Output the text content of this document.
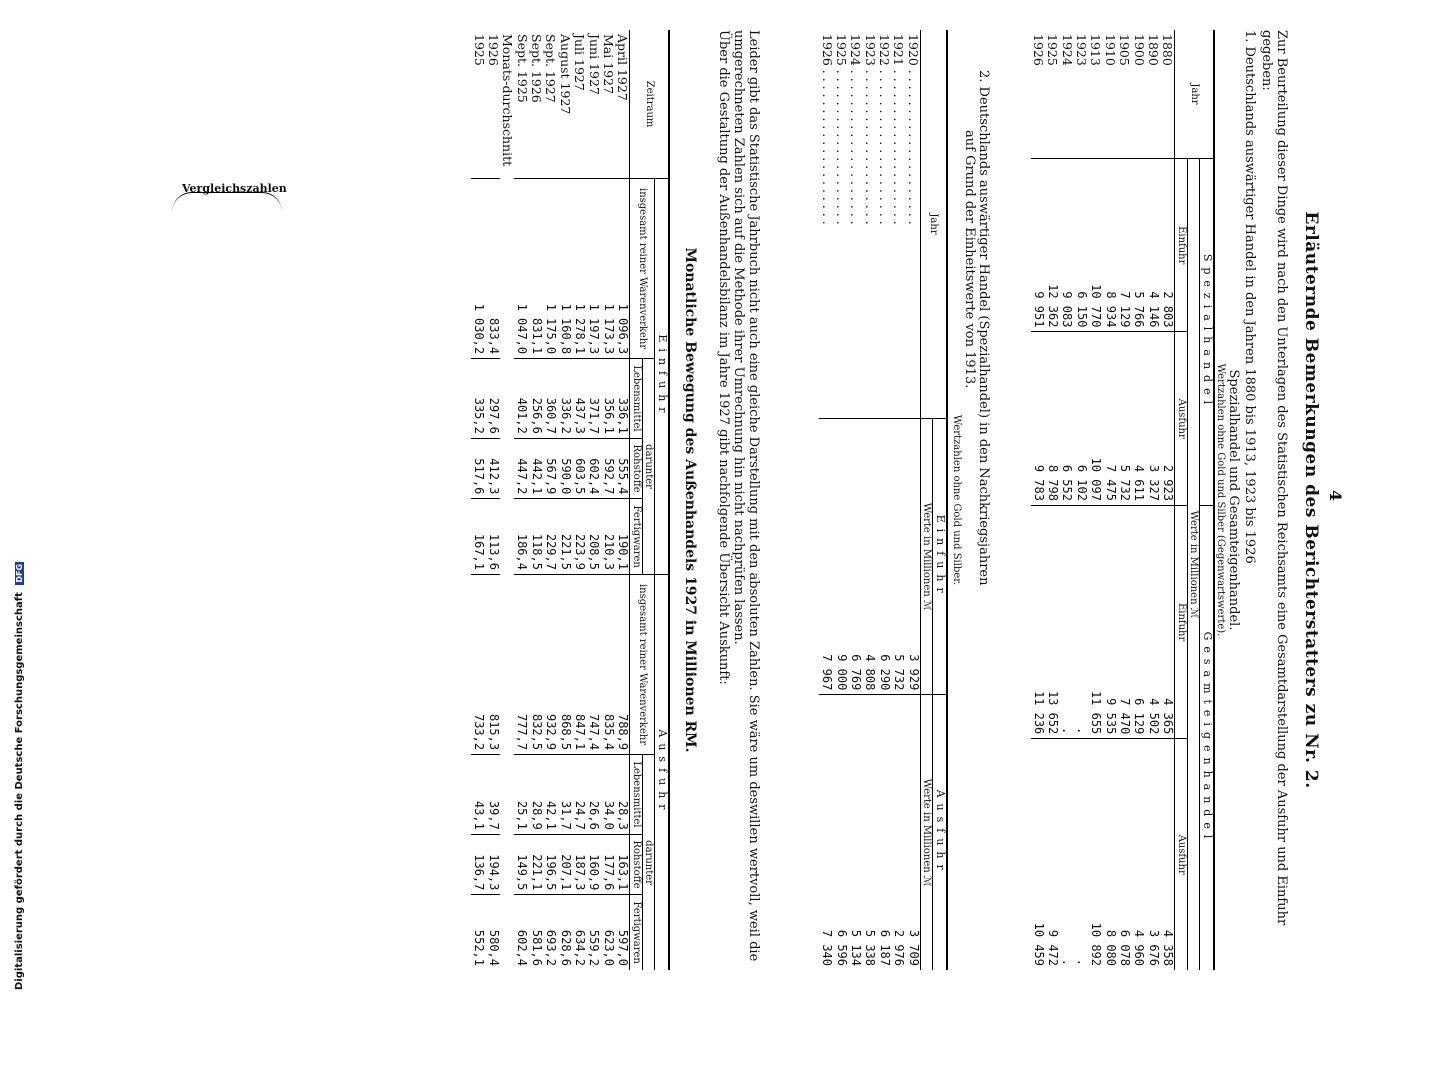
Vergleichszahlen
4
Erläuternde Bemerkungen des Berichterstatters zu Nr. 2.
Zur Beurteilung dieser Dinge wird nach den Unterlagen des Statistischen Reichsamts eine Gesamtdarstellung der Ausfuhr und Einfuhr gegeben:
1. Deutschlands auswärtiger Handel in den Jahren 1880 bis 1913, 1923 bis 1926
Spezialhandel und Gesamteigenhandel.
Wertzahlen ohne Gold und Silber (Gegenwartswerte).
Jahr	Spezialhandel		Gesamteigenhandel	
	Werte in Millionen ℳ			
	Einfuhr	Ausfuhr	Einfuhr	Ausfuhr
1880	2 803	2 923	4 365	4 358
1890	4 146	3 327	4 502	3 676
1900	5 766	4 611	6 129	4 960
1905	7 129	5 732	7 470	6 078
1910	8 934	7 475	9 535	8 080
1913	10 770	10 097	11 655	10 892
1923	6 150	6 102	.	.
1924	9 083	6 552	.	.
1925	12 362	8 798	13 652	9 472
1926	9 951	9 783	11 236	10 459
2. Deutschlands auswärtiger Handel (Spezialhandel) in den Nachkriegsjahren
auf Grund der Einheitswerte von 1913.
Wertzahlen ohne Gold und Silber.
Jahr	Einfuhr	Ausfuhr
	Werte in Millionen ℳ	Werte in Millionen ℳ
1920 . . . . . . . . . . . . . . . . . . . .	3 929	3 709
1921 . . . . . . . . . . . . . . . . . . . .	5 732	2 976
1922 . . . . . . . . . . . . . . . . . . . .	6 290	6 187
1923 . . . . . . . . . . . . . . . . . . . .	4 808	5 338
1924 . . . . . . . . . . . . . . . . . . . .	6 769	5 134
1925 . . . . . . . . . . . . . . . . . . . .	9 000	6 596
1926 . . . . . . . . . . . . . . . . . . . .	7 967	7 340
Leider gibt das Statistische Jahrbuch nicht auch eine gleiche Darstellung mit den absoluten Zahlen. Sie wäre um deswillen wertvoll, weil die umgerechneten Zahlen sich auf die Methode ihrer Umrechnung hin nicht nachprüfen lassen.
Über die Gestaltung der Außenhandelsbilanz im Jahre 1927 gibt nachfolgende Übersicht Auskunft:
Monatliche Bewegung des Außenhandels 1927 in Millionen RM.
Zeitraum	Einfuhr				Ausfuhr			
	insgesamt reiner Warenverkehr	darunter			insgesamt reiner Warenverkehr	darunter		
		Lebensmittel	Rohstoffe	Fertigwaren		Lebensmittel	Rohstoffe	Fertigwaren
April 1927	1 096,3	336,1	555,4	190,1	788,9	28,3	163,1	597,0
Mai 1927	1 173,3	356,1	592,7	210,3	835,4	34,0	177,6	623,0
Juni 1927	1 197,3	371,7	602,4	208,5	747,4	26,6	160,9	559,2
Juli 1927	1 278,1	437,3	603,5	223,9	847,1	24,7	187,3	634,2
August 1927	1 160,8	336,2	590,0	221,5	868,5	31,7	207,1	628,6
Sept. 1927	1 175,0	360,7	567,9	229,7	932,9	42,1	196,5	693,2
Sept. 1926	831,1	256,6	442,1	118,5	832,5	28,9	221,1	581,6
Sept. 1925	1 047,0	401,2	447,2	186,4	777,7	25,1	149,5	602,4
Monats-durchschnitt								
1926	833,4	297,6	412,3	113,6	815,3	39,7	194,3	580,4
1925	1 030,2	335,2	517,6	167,1	733,2	43,1	136,7	552,1
Digitalisierung gefördert durch die Deutsche Forschungsgemeinschaft DFG
